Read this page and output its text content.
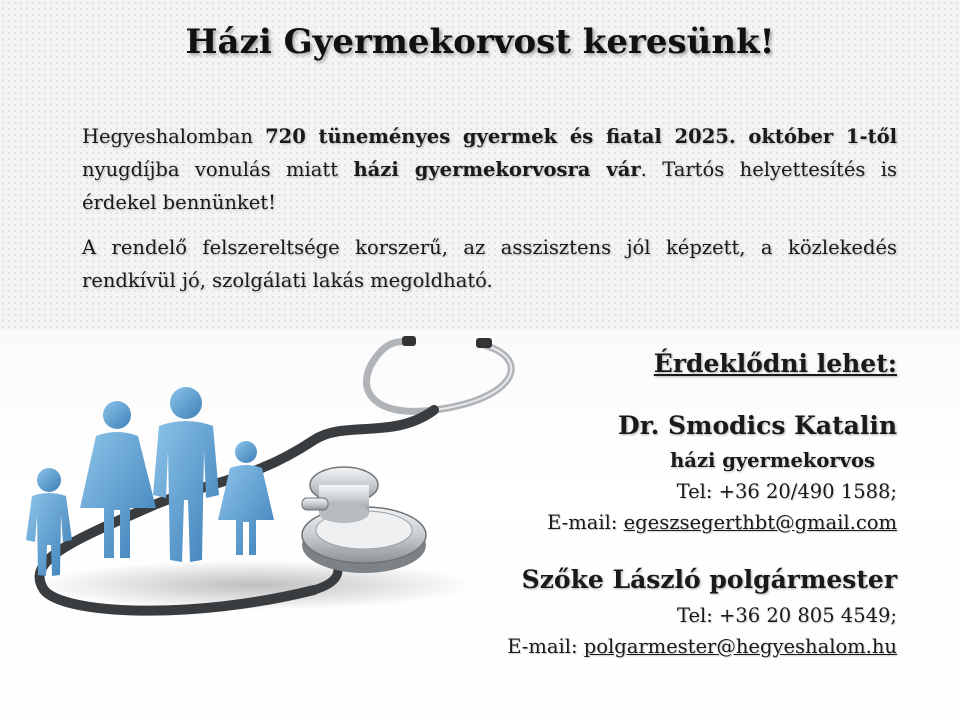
Házi Gyermekorvost keresünk!

Hegyeshalomban 720 tüneményes gyermek és fiatal 2025. október 1-től nyugdíjba vonulás miatt házi gyermekorvosra vár. Tartós helyettesítés is érdekel bennünket!

A rendelő felszereltsége korszerű, az asszisztens jól képzett, a közlekedés rendkívül jó, szolgálati lakás megoldható.

Érdeklődni lehet:
Dr. Smodics Katalin
házi gyermekorvos
Tel: +36 20/490 1588;
E-mail: egeszsegerthbt@gmail.com
Szőke László polgármester
Tel: +36 20 805 4549;
E-mail: polgarmester@hegyeshalom.hu
